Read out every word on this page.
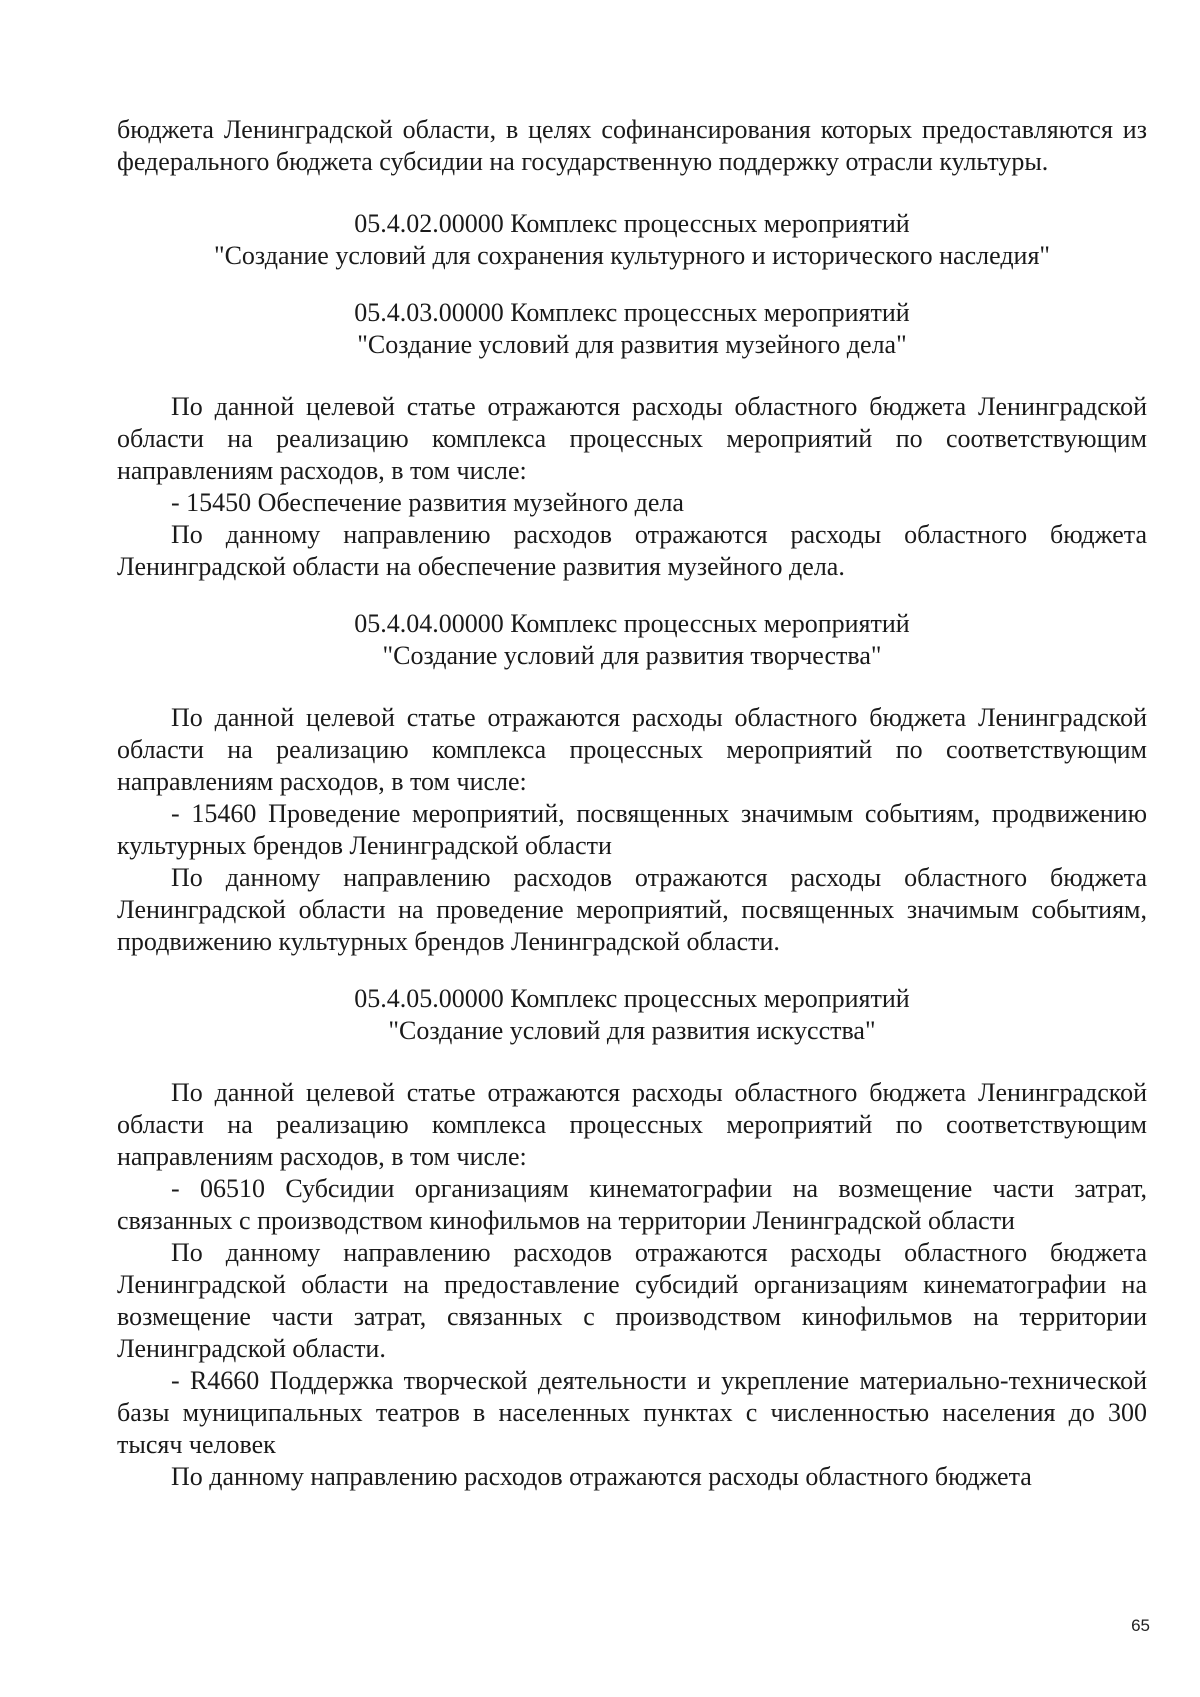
бюджета Ленинградской области, в целях софинансирования которых предоставляются из федерального бюджета субсидии на государственную поддержку отрасли культуры.

05.4.02.00000 Комплекс процессных мероприятий
"Создание условий для сохранения культурного и исторического наследия"
05.4.03.00000 Комплекс процессных мероприятий
"Создание условий для развития музейного дела"

По данной целевой статье отражаются расходы областного бюджета Ленинградской области на реализацию комплекса процессных мероприятий по соответствующим направлениям расходов, в том числе:

- 15450 Обеспечение развития музейного дела

По данному направлению расходов отражаются расходы областного бюджета Ленинградской области на обеспечение развития музейного дела.

05.4.04.00000 Комплекс процессных мероприятий
"Создание условий для развития творчества"

По данной целевой статье отражаются расходы областного бюджета Ленинградской области на реализацию комплекса процессных мероприятий по соответствующим направлениям расходов, в том числе:

- 15460 Проведение мероприятий, посвященных значимым событиям, продвижению культурных брендов Ленинградской области

По данному направлению расходов отражаются расходы областного бюджета Ленинградской области на проведение мероприятий, посвященных значимым событиям, продвижению культурных брендов Ленинградской области.

05.4.05.00000 Комплекс процессных мероприятий
"Создание условий для развития искусства"

По данной целевой статье отражаются расходы областного бюджета Ленинградской области на реализацию комплекса процессных мероприятий по соответствующим направлениям расходов, в том числе:

- 06510 Субсидии организациям кинематографии на возмещение части затрат, связанных с производством кинофильмов на территории Ленинградской области

По данному направлению расходов отражаются расходы областного бюджета Ленинградской области на предоставление субсидий организациям кинематографии на возмещение части затрат, связанных с производством кинофильмов на территории Ленинградской области.

- R4660 Поддержка творческой деятельности и укрепление материально-технической базы муниципальных театров в населенных пунктах с численностью населения до 300 тысяч человек

По данному направлению расходов отражаются расходы областного бюджета

65
